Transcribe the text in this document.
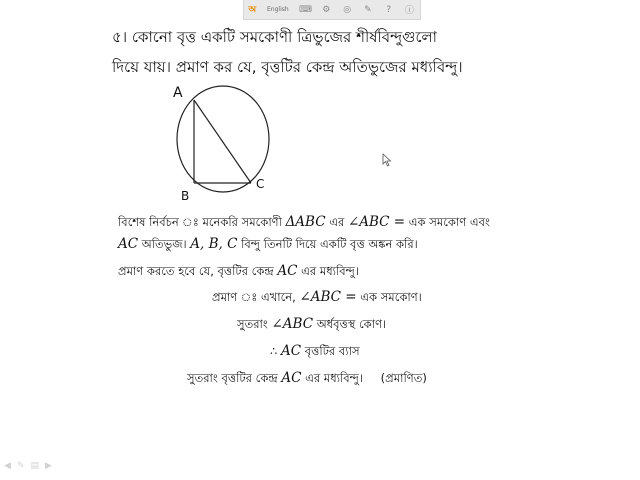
অ	English ⌨ ⚙ ◎ ✎	?	ⓘ
৫। কোনো বৃত্ত একটি সমকোণী ত্রিভুজের শীর্ষবিন্দুগুলো
দিয়ে যায়। প্রমাণ কর যে, বৃত্তটির কেন্দ্র অতিভুজের মধ্যবিন্দু।
A
B
C
বিশেষ নির্বচন ঃ মনেকরি সমকোণী ΔABC এর ∠ABC = এক সমকোণ এবং
AC অতিভুজ। A, B, C বিন্দু তিনটি দিয়ে একটি বৃত্ত অঙ্কন করি।
প্রমাণ করতে হবে যে, বৃত্তটির কেন্দ্র AC এর মধ্যবিন্দু।
প্রমাণ ঃ এখানে, ∠ABC = এক সমকোণ।
সুতরাং ∠ABC অর্ধবৃত্তস্থ কোণ।
∴ AC বৃত্তটির ব্যাস
সুতরাং বৃত্তটির কেন্দ্র AC এর মধ্যবিন্দু। (প্রমাণিত)
◀ ✎ ▤ ▶
